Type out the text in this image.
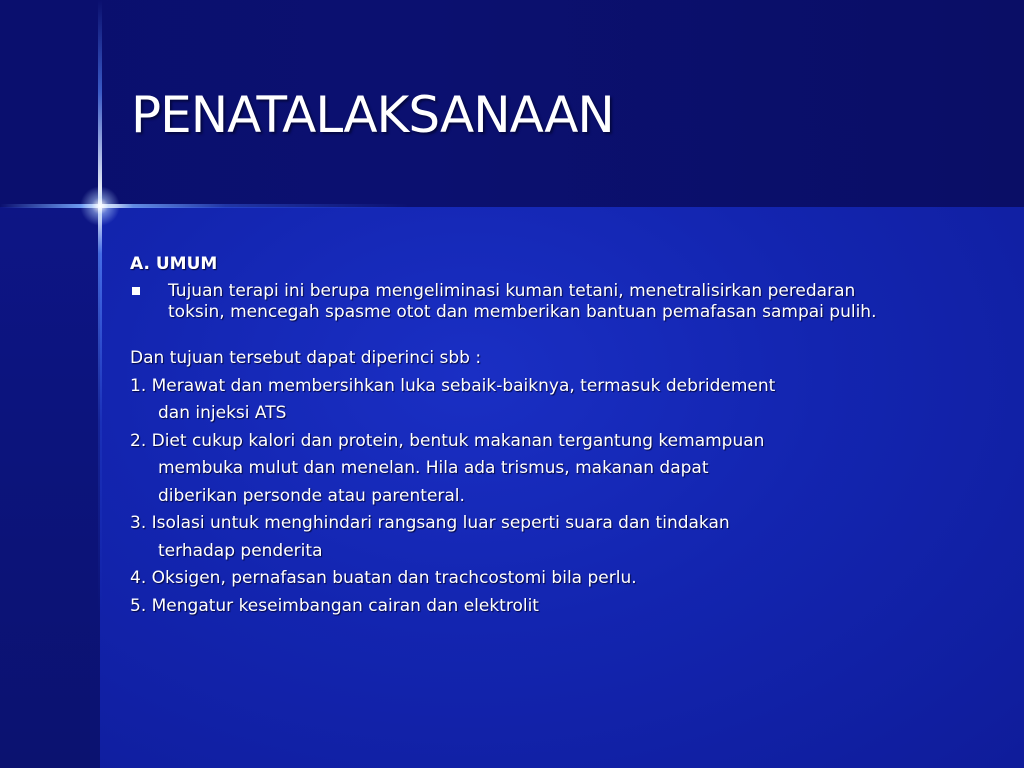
PENATALAKSANAAN

A. UMUM

Tujuan terapi ini berupa mengeliminasi kuman tetani, menetralisirkan peredaran toksin, mencegah spasme otot dan memberikan bantuan pemafasan sampai pulih.

Dan tujuan tersebut dapat diperinci sbb :

1. Merawat dan membersihkan luka sebaik-baiknya, termasuk debridement

dan injeksi ATS

2. Diet cukup kalori dan protein, bentuk makanan tergantung kemampuan

membuka mulut dan menelan. Hila ada trismus, makanan dapat

diberikan personde atau parenteral.

3. Isolasi untuk menghindari rangsang luar seperti suara dan tindakan

terhadap penderita

4. Oksigen, pernafasan buatan dan trachcostomi bila perlu.

5. Mengatur keseimbangan cairan dan elektrolit
